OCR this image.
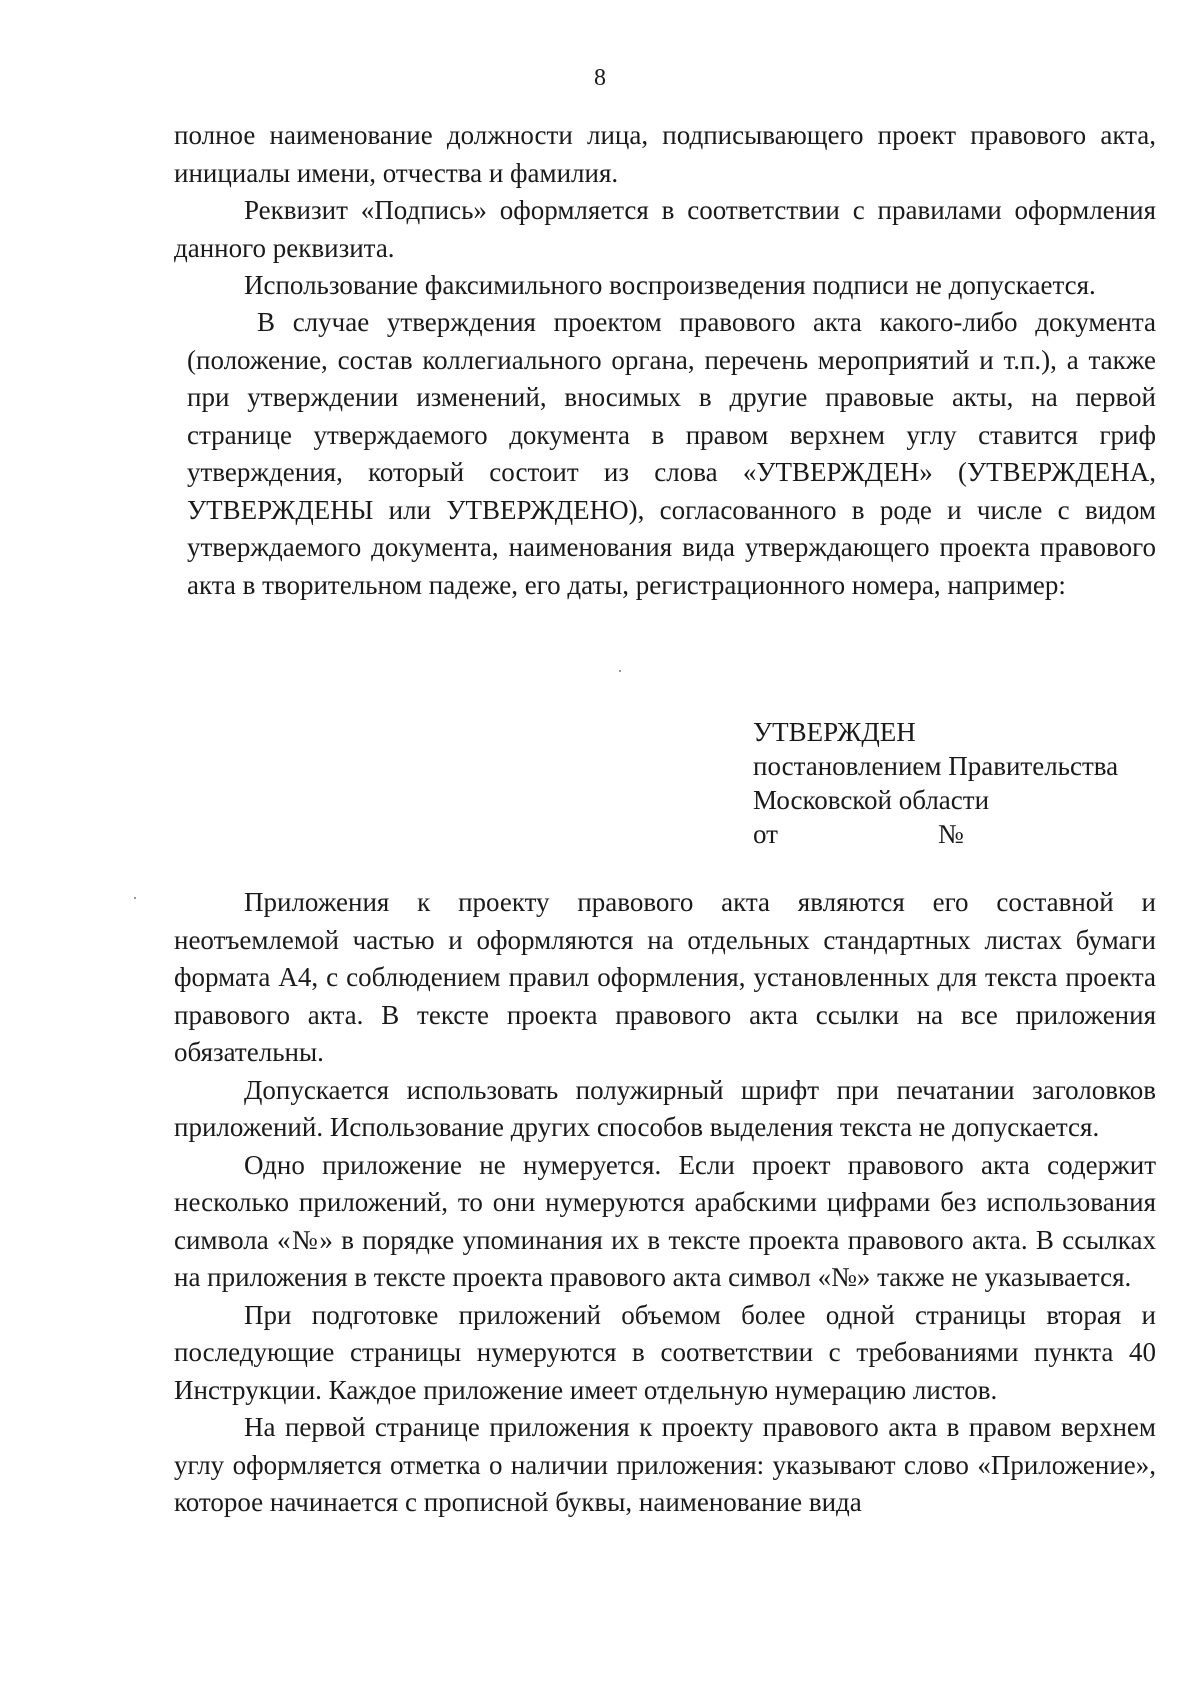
8

полное наименование должности лица, подписывающего проект правового акта, инициалы имени, отчества и фамилия.

Реквизит «Подпись» оформляется в соответствии с правилами оформления данного реквизита.

Использование факсимильного воспроизведения подписи не допускается.

В случае утверждения проектом правового акта какого-либо документа (положение, состав коллегиального органа, перечень мероприятий и т.п.), а также при утверждении изменений, вносимых в другие правовые акты, на первой странице утверждаемого документа в правом верхнем углу ставится гриф утверждения, который состоит из слова «УТВЕРЖДЕН» (УТВЕРЖДЕНА, УТВЕРЖДЕНЫ или УТВЕРЖДЕНО), согласованного в роде и числе с видом утверждаемого документа, наименования вида утверждающего проекта правового акта в творительном падеже, его даты, регистрационного номера, например:

УТВЕРЖДЕН
постановлением Правительства
Московской области
от	№

Приложения к проекту правового акта являются его составной и неотъемлемой частью и оформляются на отдельных стандартных листах бумаги формата А4, с соблюдением правил оформления, установленных для текста проекта правового акта. В тексте проекта правового акта ссылки на все приложения обязательны.

Допускается использовать полужирный шрифт при печатании заголовков приложений. Использование других способов выделения текста не допускается.

Одно приложение не нумеруется. Если проект правового акта содержит несколько приложений, то они нумеруются арабскими цифрами без использования символа «№» в порядке упоминания их в тексте проекта правового акта. В ссылках на приложения в тексте проекта правового акта символ «№» также не указывается.

При подготовке приложений объемом более одной страницы вторая и последующие страницы нумеруются в соответствии с требованиями пункта 40 Инструкции. Каждое приложение имеет отдельную нумерацию листов.

На первой странице приложения к проекту правового акта в правом верхнем углу оформляется отметка о наличии приложения: указывают слово «Приложение», которое начинается с прописной буквы, наименование вида
